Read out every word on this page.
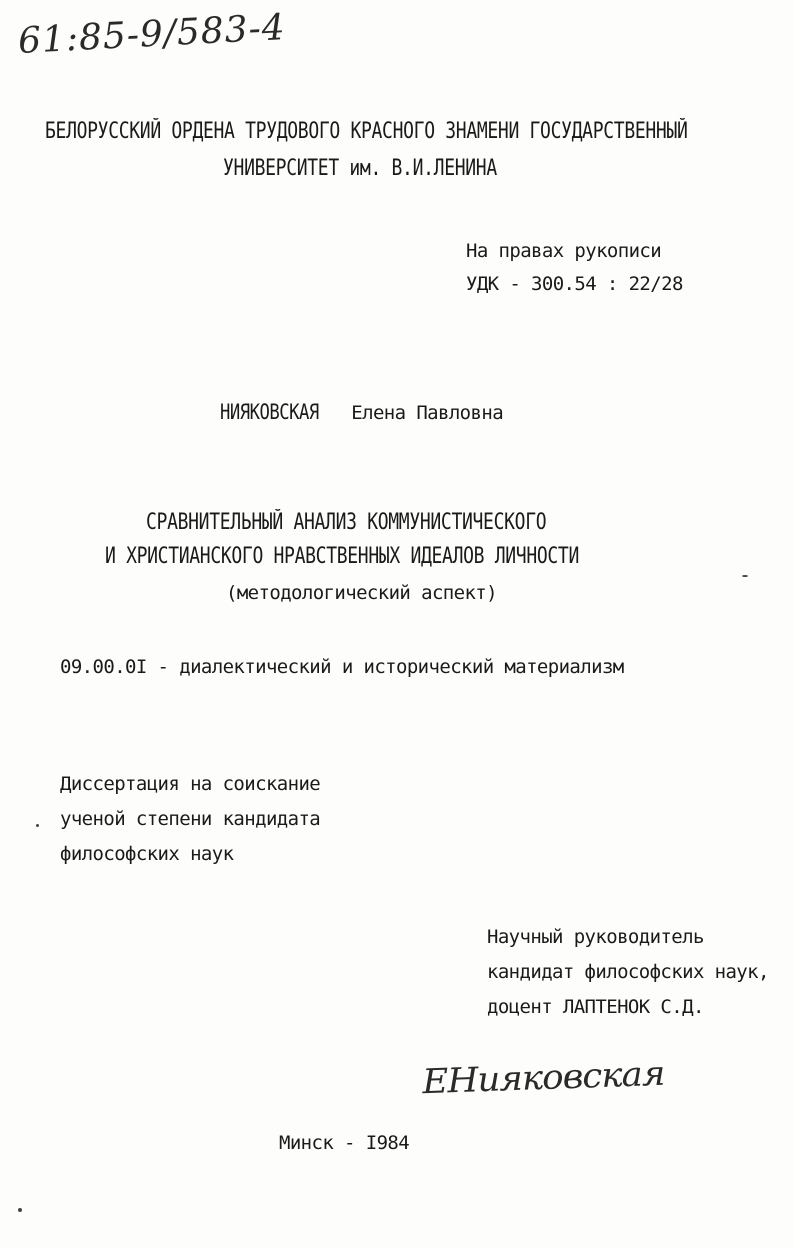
61:85-9/583-4
БЕЛОРУССКИЙ ОРДЕНА ТРУДОВОГО КРАСНОГО ЗНАМЕНИ ГОСУДАРСТВЕННЫЙ
УНИВЕРСИТЕТ им. В.И.ЛЕНИНА
На правах рукописи
УДК - 300.54 : 22/28
НИЯКОВСКАЯ Елена Павловна
СРАВНИТЕЛЬНЫЙ АНАЛИЗ КОММУНИСТИЧЕСКОГО
И ХРИСТИАНСКОГО НРАВСТВЕННЫХ ИДЕАЛОВ ЛИЧНОСТИ
(методологический аспект)
09.00.0I - диалектический и исторический материализм
Диссертация на соискание
ученой степени кандидата
философских наук
Научный руководитель
кандидат философских наук,
доцент ЛАПТЕНОК С.Д.
ЕНияковская
Минск - I984
